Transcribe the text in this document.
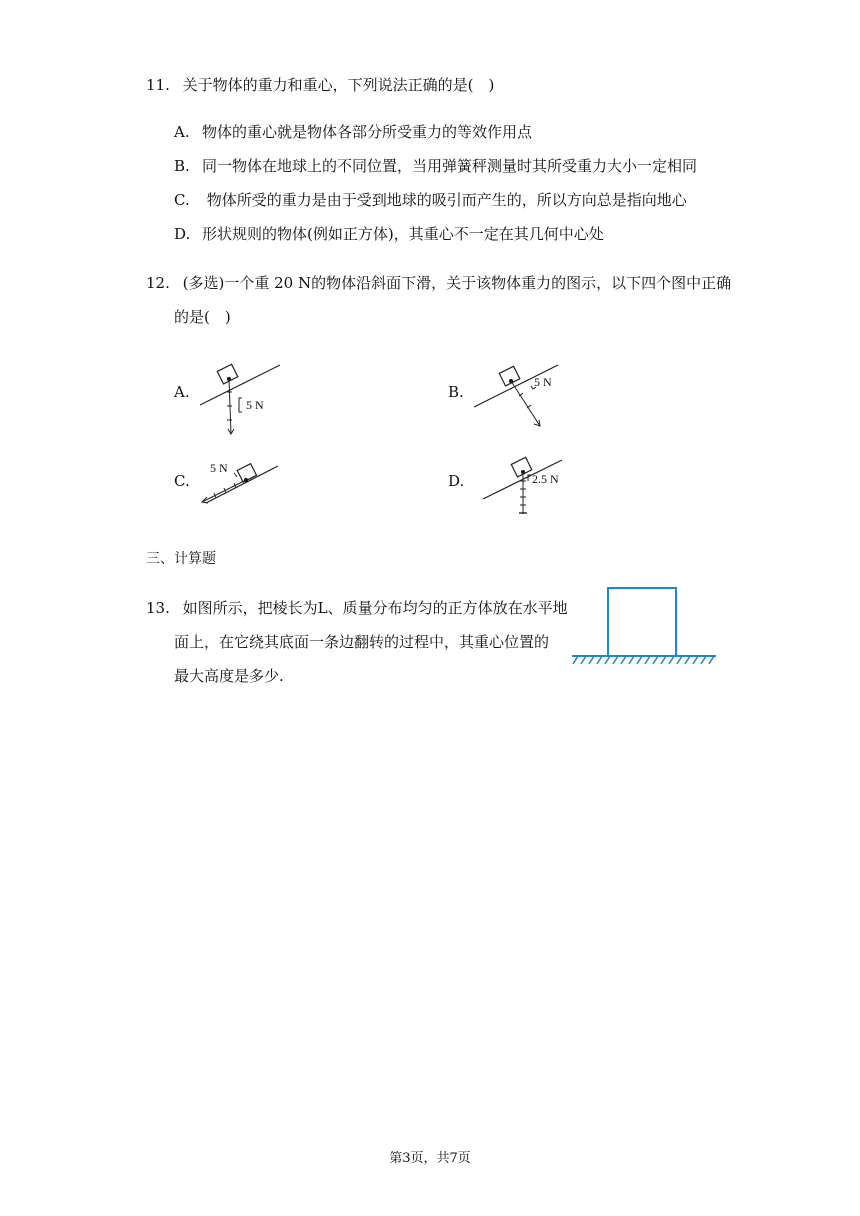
11. 关于物体的重力和重心，下列说法正确的是(　)
A. 物体的重心就是物体各部分所受重力的等效作用点
B. 同一物体在地球上的不同位置，当用弹簧秤测量时其所受重力大小一定相同
C. 物体所受的重力是由于受到地球的吸引而产生的，所以方向总是指向地心
D. 形状规则的物体(例如正方体)，其重心不一定在其几何中心处
12. (多选)一个重 20 N的物体沿斜面下滑，关于该物体重力的图示，以下四个图中正确
的是(　)
A.
5 N
B.
5 N
C.
5 N
D.	2.5 N
三、计算题
13. 如图所示，把棱长为L、质量分布均匀的正方体放在水平地
面上，在它绕其底面一条边翻转的过程中，其重心位置的
最大高度是多少.
第3页，共7页
